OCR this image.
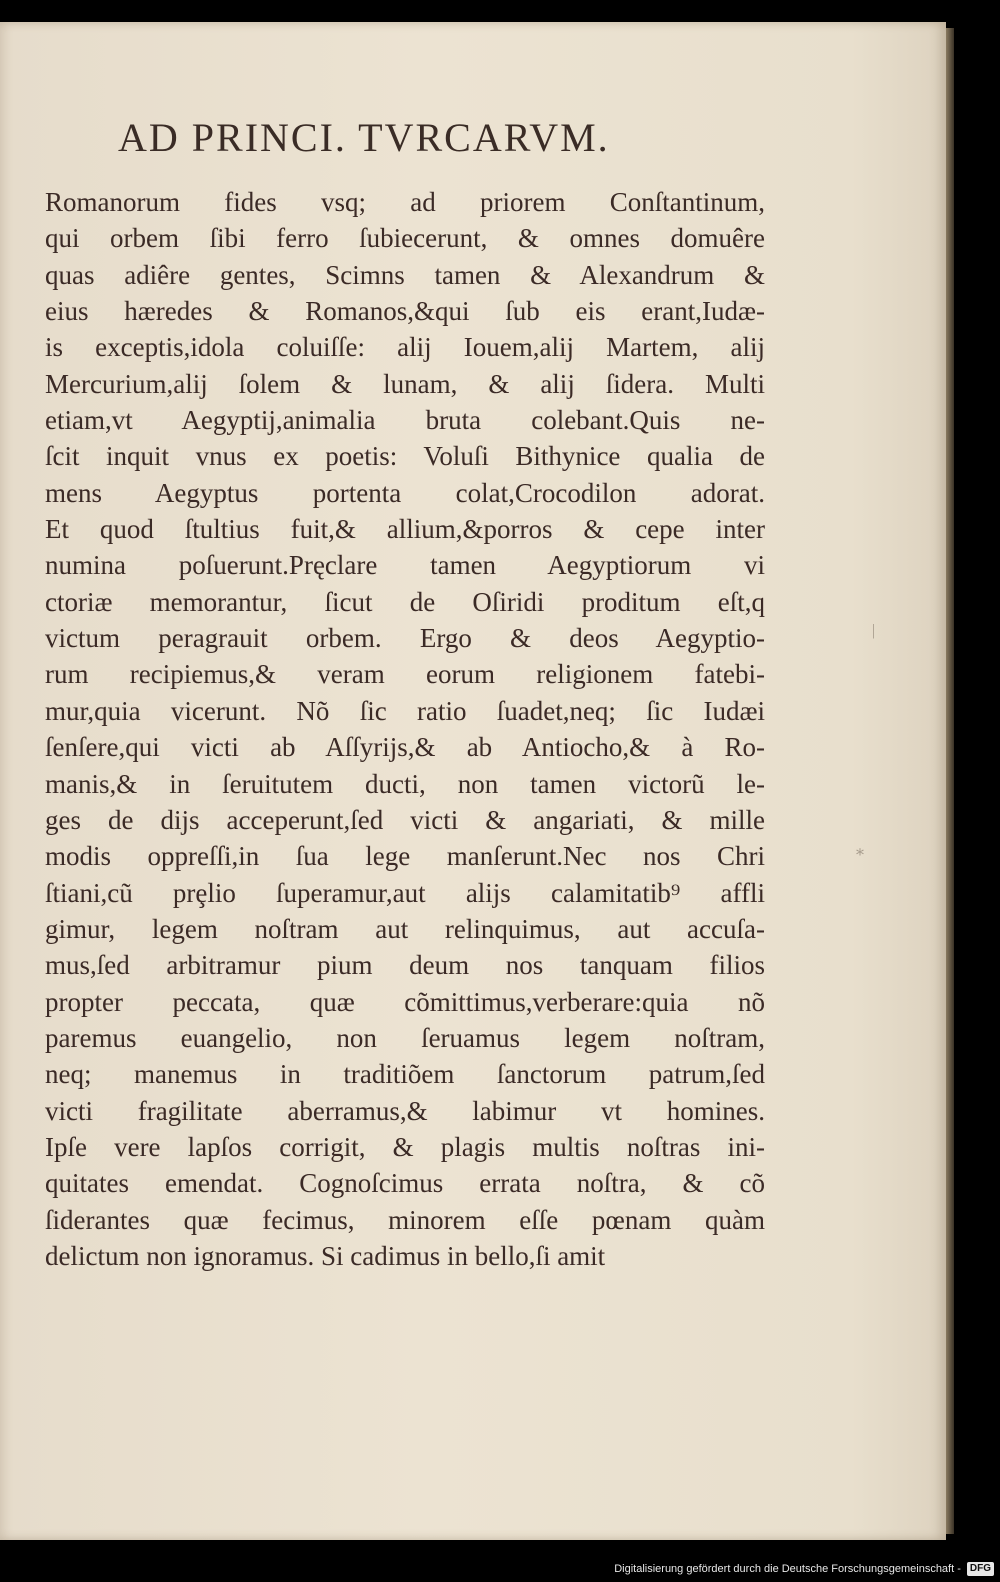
AD PRINCI. TVRCARVM.
Romanorum fides vsq; ad priorem Conſtantinum,
qui orbem ſibi ferro ſubiecerunt, & omnes domuêre
quas adiêre gentes, Scimns tamen & Alexandrum &
eius hæredes & Romanos,&qui ſub eis erant,Iudæ-
is exceptis,idola coluiſſe: alij Iouem,alij Martem, alij
Mercurium,alij ſolem & lunam, & alij ſidera. Multi
etiam,vt Aegyptij,animalia bruta colebant.Quis ne-
ſcit inquit vnus ex poetis: Voluſi Bithynice qualia de
mens Aegyptus portenta colat,Crocodilon adorat.
Et quod ſtultius fuit,& allium,&porros & cepe inter
numina poſuerunt.Pręclare tamen Aegyptiorum vi
ctoriæ memorantur, ſicut de Oſiridi proditum eſt,q
victum peragrauit orbem. Ergo & deos Aegyptio-
rum recipiemus,& veram eorum religionem fatebi-
mur,quia vicerunt. Nõ ſic ratio ſuadet,neq; ſic Iudæi
ſenſere,qui victi ab Aſſyrijs,& ab Antiocho,& à Ro-
manis,& in ſeruitutem ducti, non tamen victorũ le-
ges de dijs acceperunt,ſed victi & angariati, & mille
modis oppreſſi,in ſua lege manſerunt.Nec nos Chri
ſtiani,cũ prȩlio ſuperamur,aut alijs calamitatib⁹ affli
gimur, legem noſtram aut relinquimus, aut accuſa-
mus,ſed arbitramur pium deum nos tanquam filios
propter peccata, quæ cõmittimus,verberare:quia nõ
paremus euangelio, non ſeruamus legem noſtram,
neq; manemus in traditiõem ſanctorum patrum,ſed
victi fragilitate aberramus,& labimur vt homines.
Ipſe vere lapſos corrigit, & plagis multis noſtras ini-
quitates emendat. Cognoſcimus errata noſtra, & cõ
ſiderantes quæ fecimus, minorem eſſe pœnam quàm
delictum non ignoramus. Si cadimus in bello,ſi amit
|
⁎
Digitalisierung gefördert durch die Deutsche Forschungsgemeinschaft - DFG
